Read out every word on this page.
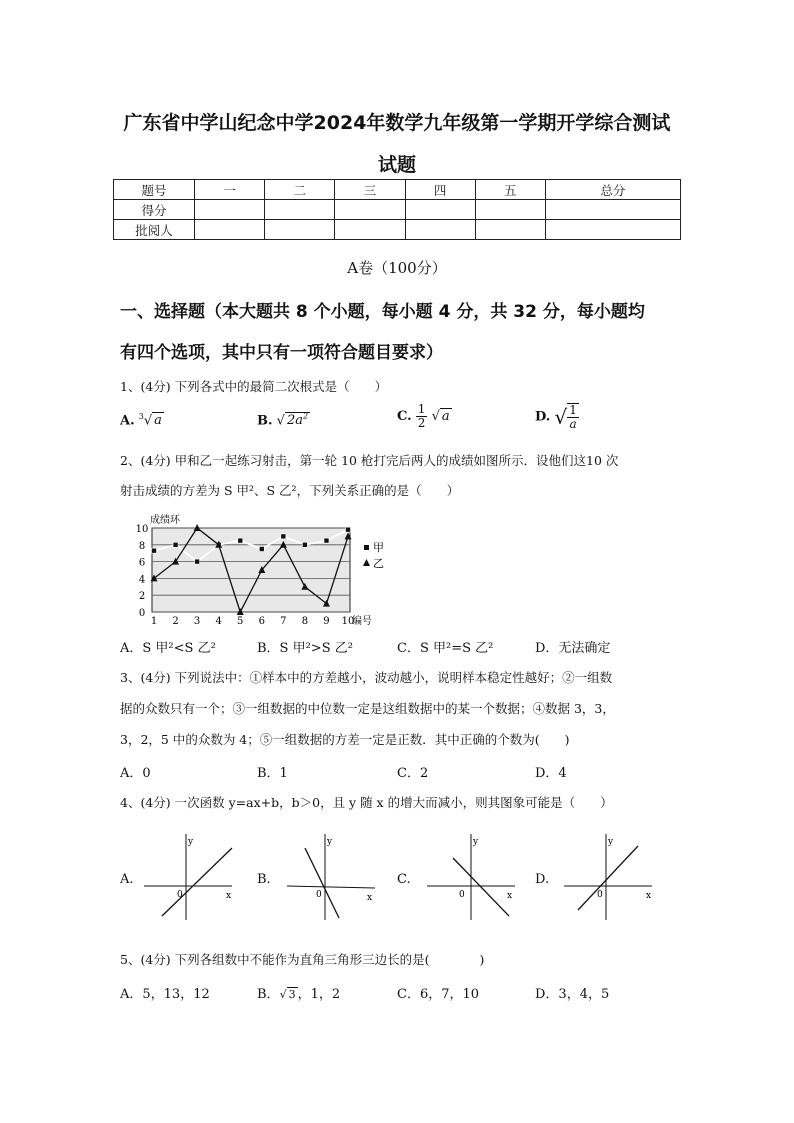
广东省中学山纪念中学2024年数学九年级第一学期开学综合测试
试题
题号	一	二	三	四	五	总分
得分						
批阅人						
A卷（100分）
一、选择题（本大题共 8 个小题，每小题 4 分，共 32 分，每小题均
有四个选项，其中只有一项符合题目要求）
1、(4分) 下列各式中的最简二次根式是（　　）
A. $^3$√ a	B. √ $2a^2$	C. $\frac{1}{2}$ √ a	D. √ $\frac{1}{a}$
2、(4分) 甲和乙一起练习射击，第一轮 10 枪打完后两人的成绩如图所示．设他们这10 次
射击成绩的方差为 S 甲²、S 乙²，下列关系正确的是（　　）
0
2
4
6
8
10
1 2 3 4 5 6 7 8 9 10
成绩环
编号
甲
乙
A．S 甲²<S 乙²	B．S 甲²>S 乙²	C．S 甲²=S 乙²	D．无法确定
3、(4分) 下列说法中：①样本中的方差越小，波动越小，说明样本稳定性越好；②一组数
据的众数只有一个；③一组数据的中位数一定是这组数据中的某一个数据；④数据 3，3，
3，2，5 中的众数为 4；⑤一组数据的方差一定是正数．其中正确的个数为(　　)
A．0	B．1	C．2	D．4
4、(4分) 一次函数 y=ax+b，b＞0，且 y 随 x 的增大而减小，则其图象可能是（　　）
A.	B.	C.	D.
y
x
0
y
x
0
y
x
0
y
x
0
5、(4分) 下列各组数中不能作为直角三角形三边长的是(　　　　)
A．5，13，12	B．√ 3 ，1，2	C．6，7，10	D．3，4，5
